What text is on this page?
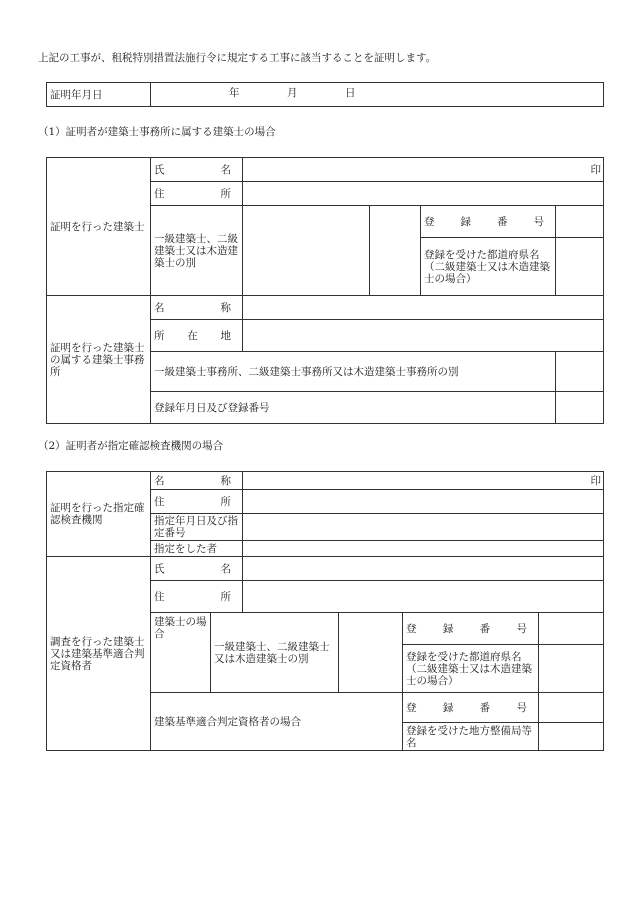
上記の工事が、租税特別措置法施行令に規定する工事に該当することを証明します。
証明年月日	年	月	日
（1）証明者が建築士事務所に属する建築士の場合
証明を行った建築士	氏 名	印			

	住 所				

	一級建築士、二級建築士又は木造建築士の別			登 録 番 号	

				登録を受けた都道府県名（二級建築士又は木造建築士の場合）	
証明を行った建築士の属する建築士事務所	名 称				

	所 在 地				

	一級建築士事務所、二級建築士事務所又は木造建築士事務所の別				
	登録年月日及び登録番号				
（2）証明者が指定確認検査機関の場合
証明を行った指定確認検査機関	名 称		印			

	住 所					

	指定年月日及び指定番号					
	指定をした者					
調査を行った建築士又は建築基準適合判定資格者	氏 名					

	住 所					

	建築士の場合	一級建築士、二級建築士又は木造建築士の別			登 録 番 号	

					登録を受けた都道府県名（二級建築士又は木造建築士の場合）	
	建築基準適合判定資格者の場合				登 録 番 号	

					登録を受けた地方整備局等名	
